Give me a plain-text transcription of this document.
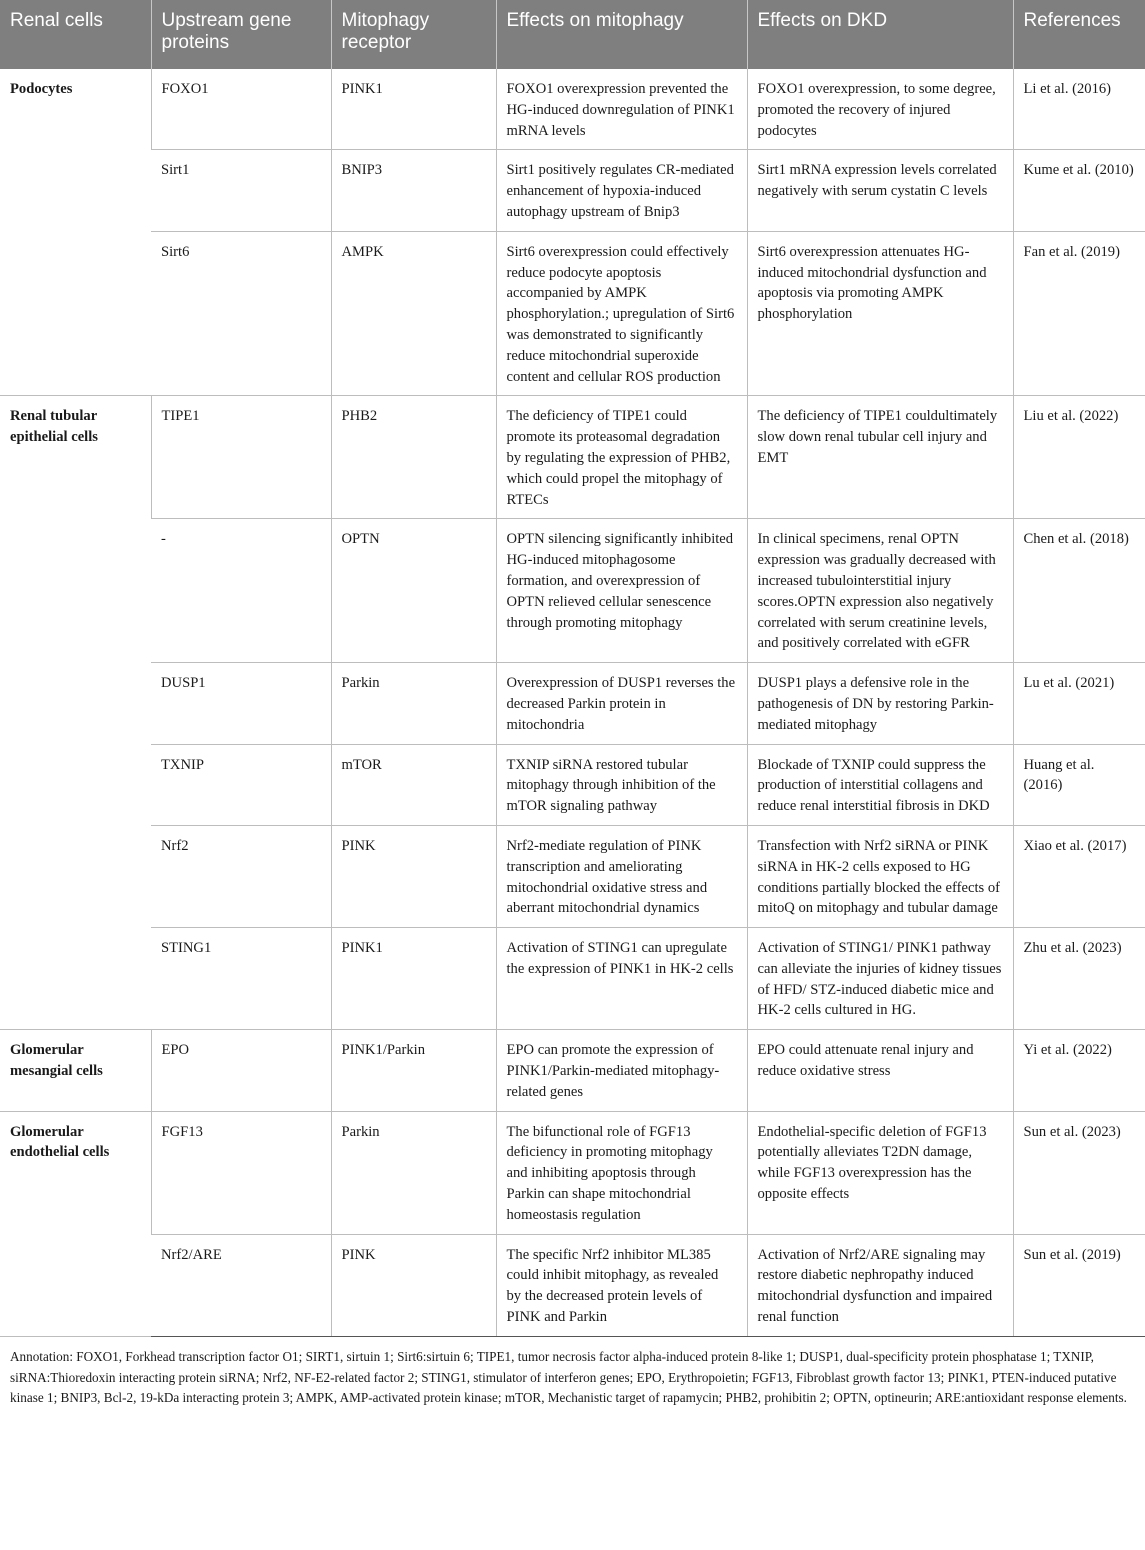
Renal cells	Upstream gene proteins	Mitophagy receptor	Effects on mitophagy	Effects on DKD	References
Podocytes	FOXO1	PINK1	FOXO1 overexpression prevented the HG-induced downregulation of PINK1 mRNA levels	FOXO1 overexpression, to some degree, promoted the recovery of injured podocytes	Li et al. (2016)
	Sirt1	BNIP3	Sirt1 positively regulates CR-mediated enhancement of hypoxia-induced autophagy upstream of Bnip3	Sirt1 mRNA expression levels correlated negatively with serum cystatin C levels	Kume et al. (2010)
	Sirt6	AMPK	Sirt6 overexpression could effectively reduce podocyte apoptosis accompanied by AMPK phosphorylation.; upregulation of Sirt6 was demonstrated to significantly reduce mitochondrial superoxide content and cellular ROS production	Sirt6 overexpression attenuates HG-induced mitochondrial dysfunction and apoptosis via promoting AMPK phosphorylation	Fan et al. (2019)
Renal tubular epithelial cells	TIPE1	PHB2	The deficiency of TIPE1 could promote its proteasomal degradation by regulating the expression of PHB2, which could propel the mitophagy of RTECs	The deficiency of TIPE1 couldultimately slow down renal tubular cell injury and EMT	Liu et al. (2022)
	-	OPTN	OPTN silencing significantly inhibited HG-induced mitophagosome formation, and overexpression of OPTN relieved cellular senescence through promoting mitophagy	In clinical specimens, renal OPTN expression was gradually decreased with increased tubulointerstitial injury scores.OPTN expression also negatively correlated with serum creatinine levels, and positively correlated with eGFR	Chen et al. (2018)
	DUSP1	Parkin	Overexpression of DUSP1 reverses the decreased Parkin protein in mitochondria	DUSP1 plays a defensive role in the pathogenesis of DN by restoring Parkin-mediated mitophagy	Lu et al. (2021)
	TXNIP	mTOR	TXNIP siRNA restored tubular mitophagy through inhibition of the mTOR signaling pathway	Blockade of TXNIP could suppress the production of interstitial collagens and reduce renal interstitial fibrosis in DKD	Huang et al. (2016)
	Nrf2	PINK	Nrf2-mediate regulation of PINK transcription and ameliorating mitochondrial oxidative stress and aberrant mitochondrial dynamics	Transfection with Nrf2 siRNA or PINK siRNA in HK-2 cells exposed to HG conditions partially blocked the effects of mitoQ on mitophagy and tubular damage	Xiao et al. (2017)
	STING1	PINK1	Activation of STING1 can upregulate the expression of PINK1 in HK-2 cells	Activation of STING1/ PINK1 pathway can alleviate the injuries of kidney tissues of HFD/ STZ-induced diabetic mice and HK-2 cells cultured in HG.	Zhu et al. (2023)
Glomerular mesangial cells	EPO	PINK1/Parkin	EPO can promote the expression of PINK1/Parkin-mediated mitophagy-related genes	EPO could attenuate renal injury and reduce oxidative stress	Yi et al. (2022)
Glomerular endothelial cells	FGF13	Parkin	The bifunctional role of FGF13 deficiency in promoting mitophagy and inhibiting apoptosis through Parkin can shape mitochondrial homeostasis regulation	Endothelial-specific deletion of FGF13 potentially alleviates T2DN damage, while FGF13 overexpression has the opposite effects	Sun et al. (2023)
	Nrf2/ARE	PINK	The specific Nrf2 inhibitor ML385 could inhibit mitophagy, as revealed by the decreased protein levels of PINK and Parkin	Activation of Nrf2/ARE signaling may restore diabetic nephropathy induced mitochondrial dysfunction and impaired renal function	Sun et al. (2019)
Annotation: FOXO1, Forkhead transcription factor O1; SIRT1, sirtuin 1; Sirt6:sirtuin 6; TIPE1, tumor necrosis factor alpha-induced protein 8-like 1; DUSP1, dual-specificity protein phosphatase 1; TXNIP, siRNA:Thioredoxin interacting protein siRNA; Nrf2, NF-E2-related factor 2; STING1, stimulator of interferon genes; EPO, Erythropoietin; FGF13, Fibroblast growth factor 13; PINK1, PTEN-induced putative kinase 1; BNIP3, Bcl-2, 19-kDa interacting protein 3; AMPK, AMP-activated protein kinase; mTOR, Mechanistic target of rapamycin; PHB2, prohibitin 2; OPTN, optineurin; ARE:antioxidant response elements.
